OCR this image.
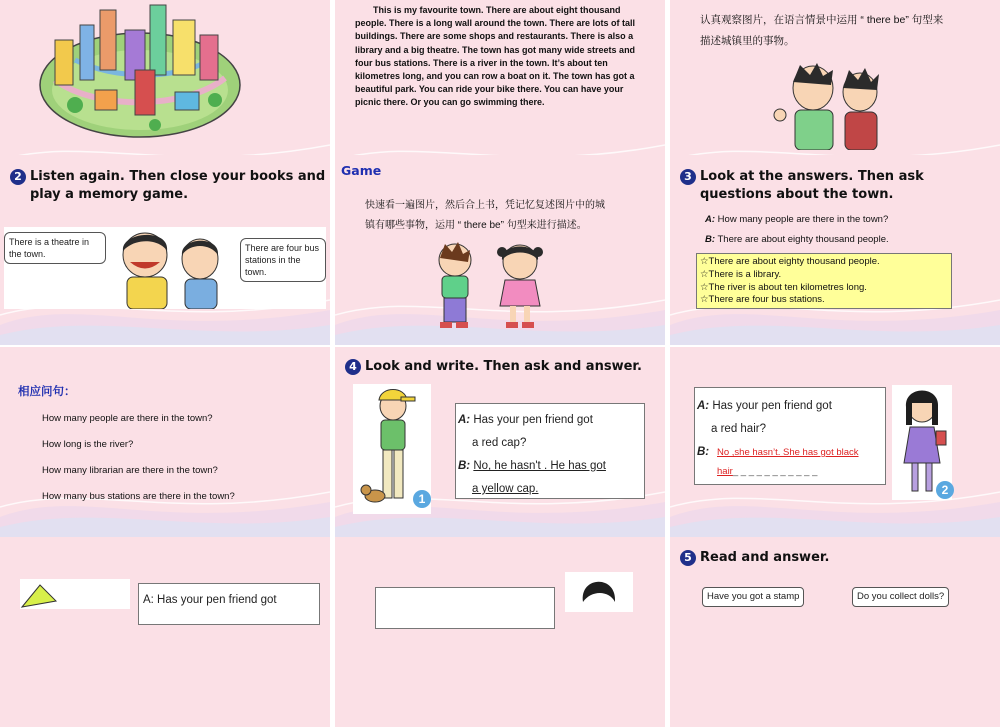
This is my favourite town. There are about eight thousand people. There is a long wall around the town. There are lots of tall buildings. There are some shops and restaurants. There is also a library and a big theatre. The town has got many wide streets and four bus stations. There is a river in the town. It’s about ten kilometres long, and you can row a boat on it. The town has got a beautiful park. You can ride your bike there. You can have your picnic there. Or you can go swimming there.

认真观察图片，在语言情景中运用 “ there be” 句型来

描述城镇里的事物。

2 Listen again. Then close your books and
play a memory game.
There is a theatre in the town.
There are four bus stations in the town.
Game

快速看一遍图片，然后合上书，凭记忆复述图片中的城

镇有哪些事物，运用 “ there be” 句型来进行描述。

3 Look at the answers. Then ask
questions about the town.
A: How many people are there in the town?
B: There are about eighty thousand people.
☆There are about eighty thousand people.
☆There is a library.
☆The river is about ten kilometres long.
☆There are four bus stations.
相应问句：
How many people are there in the town?
How long is the river?
How many librarian are there in the town?
How many bus stations are there in the town?
4 Look and write. Then ask and answer.
1
A: Has your pen friend got
a red cap?
B: No, he hasn't . He has got
a yellow cap.
A: Has your pen friend got
a red hair?
B: No ,she hasn’t. She has got black
hair_ _ _ _ _ _ _ _ _ _ _
2
A: Has your pen friend got
5 Read and answer.
Have you got a stamp	Do you collect dolls?
